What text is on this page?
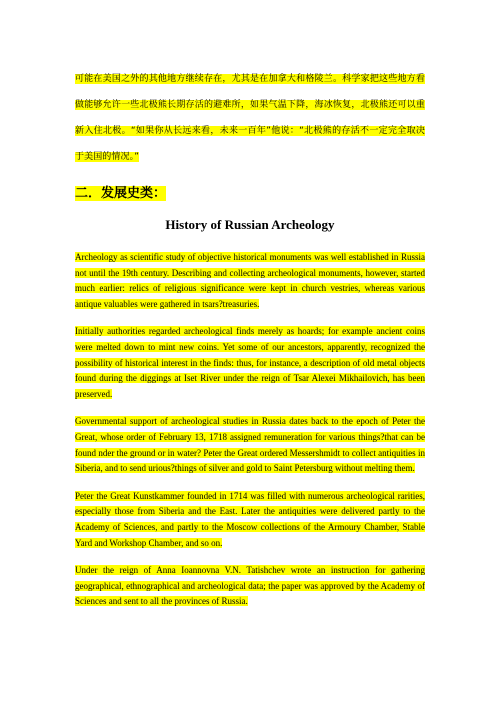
可能在美国之外的其他地方继续存在，尤其是在加拿大和格陵兰。科学家把这些地方看做能够允许一些北极熊长期存活的避难所，如果气温下降，海冰恢复，北极熊还可以重新入住北极。“如果你从长远来看，未来一百年”他说：“北极熊的存活不一定完全取决于美国的情况。”

二．发展史类：
History of Russian Archeology

Archeology as scientific study of objective historical monuments was well established in Russia not until the 19th century. Describing and collecting archeological monuments, however, started much earlier: relics of religious significance were kept in church vestries, whereas various antique valuables were gathered in tsars?treasuries.

Initially authorities regarded archeological finds merely as hoards; for example ancient coins were melted down to mint new coins. Yet some of our ancestors, apparently, recognized the possibility of historical interest in the finds: thus, for instance, a description of old metal objects found during the diggings at Iset River under the reign of Tsar Alexei Mikhailovich, has been preserved.

Governmental support of archeological studies in Russia dates back to the epoch of Peter the Great, whose order of February 13, 1718 assigned remuneration for various things?that can be found nder the ground or in water? Peter the Great ordered Messershmidt to collect antiquities in Siberia, and to send urious?things of silver and gold to Saint Petersburg without melting them.

Peter the Great Kunstkammer founded in 1714 was filled with numerous archeological rarities, especially those from Siberia and the East. Later the antiquities were delivered partly to the Academy of Sciences, and partly to the Moscow collections of the Armoury Chamber, Stable Yard and Workshop Chamber, and so on.

Under the reign of Anna Ioannovna V.N. Tatishchev wrote an instruction for gathering geographical, ethnographical and archeological data; the paper was approved by the Academy of Sciences and sent to all the provinces of Russia.
